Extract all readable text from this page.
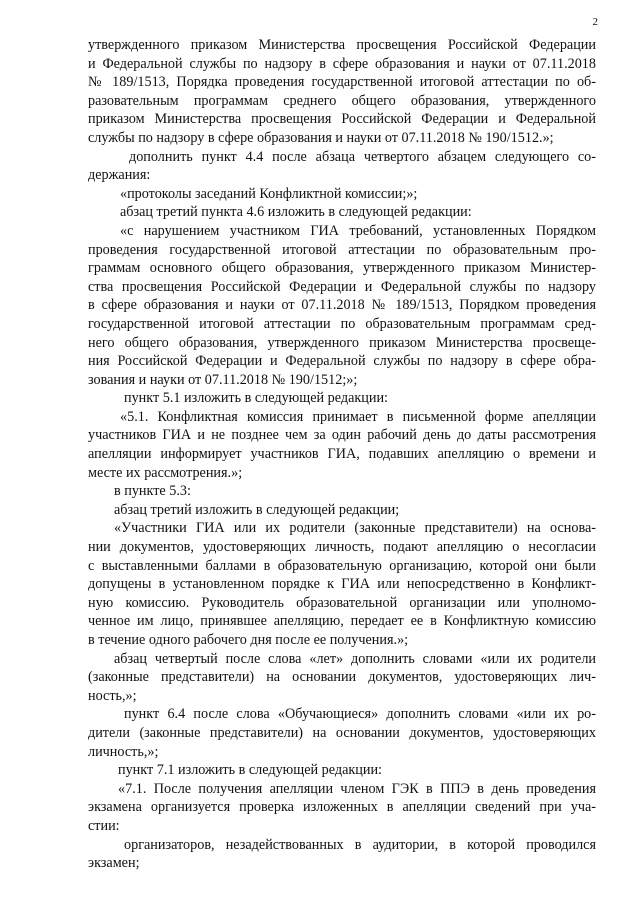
2
утвержденного приказом Министерства просвещения Российской Федерации
и Федеральной службы по надзору в сфере образования и науки от 07.11.2018
№ 189/1513, Порядка проведения государственной итоговой аттестации по об-
разовательным программам среднего общего образования, утвержденного
приказом Министерства просвещения Российской Федерации и Федеральной
службы по надзору в сфере образования и науки от 07.11.2018 № 190/1512.»;
дополнить пункт 4.4 после абзаца четвертого абзацем следующего со-
держания:
«протоколы заседаний Конфликтной комиссии;»;
абзац третий пункта 4.6 изложить в следующей редакции:
«с нарушением участником ГИА требований, установленных Порядком
проведения государственной итоговой аттестации по образовательным про-
граммам основного общего образования, утвержденного приказом Министер-
ства просвещения Российской Федерации и Федеральной службы по надзору
в сфере образования и науки от 07.11.2018 № 189/1513, Порядком проведения
государственной итоговой аттестации по образовательным программам сред-
него общего образования, утвержденного приказом Министерства просвеще-
ния Российской Федерации и Федеральной службы по надзору в сфере обра-
зования и науки от 07.11.2018 № 190/1512;»;
пункт 5.1 изложить в следующей редакции:
«5.1. Конфликтная комиссия принимает в письменной форме апелляции
участников ГИА и не позднее чем за один рабочий день до даты рассмотрения
апелляции информирует участников ГИА, подавших апелляцию о времени и
месте их рассмотрения.»;
в пункте 5.3:
абзац третий изложить в следующей редакции;
«Участники ГИА или их родители (законные представители) на основа-
нии документов, удостоверяющих личность, подают апелляцию о несогласии
с выставленными баллами в образовательную организацию, которой они были
допущены в установленном порядке к ГИА или непосредственно в Конфликт-
ную комиссию. Руководитель образовательной организации или уполномо-
ченное им лицо, принявшее апелляцию, передает ее в Конфликтную комиссию
в течение одного рабочего дня после ее получения.»;
абзац четвертый после слова «лет» дополнить словами «или их родители
(законные представители) на основании документов, удостоверяющих лич-
ность,»;
пункт 6.4 после слова «Обучающиеся» дополнить словами «или их ро-
дители (законные представители) на основании документов, удостоверяющих
личность,»;
пункт 7.1 изложить в следующей редакции:
«7.1. После получения апелляции членом ГЭК в ППЭ в день проведения
экзамена организуется проверка изложенных в апелляции сведений при уча-
стии:
организаторов, незадействованных в аудитории, в которой проводился
экзамен;
